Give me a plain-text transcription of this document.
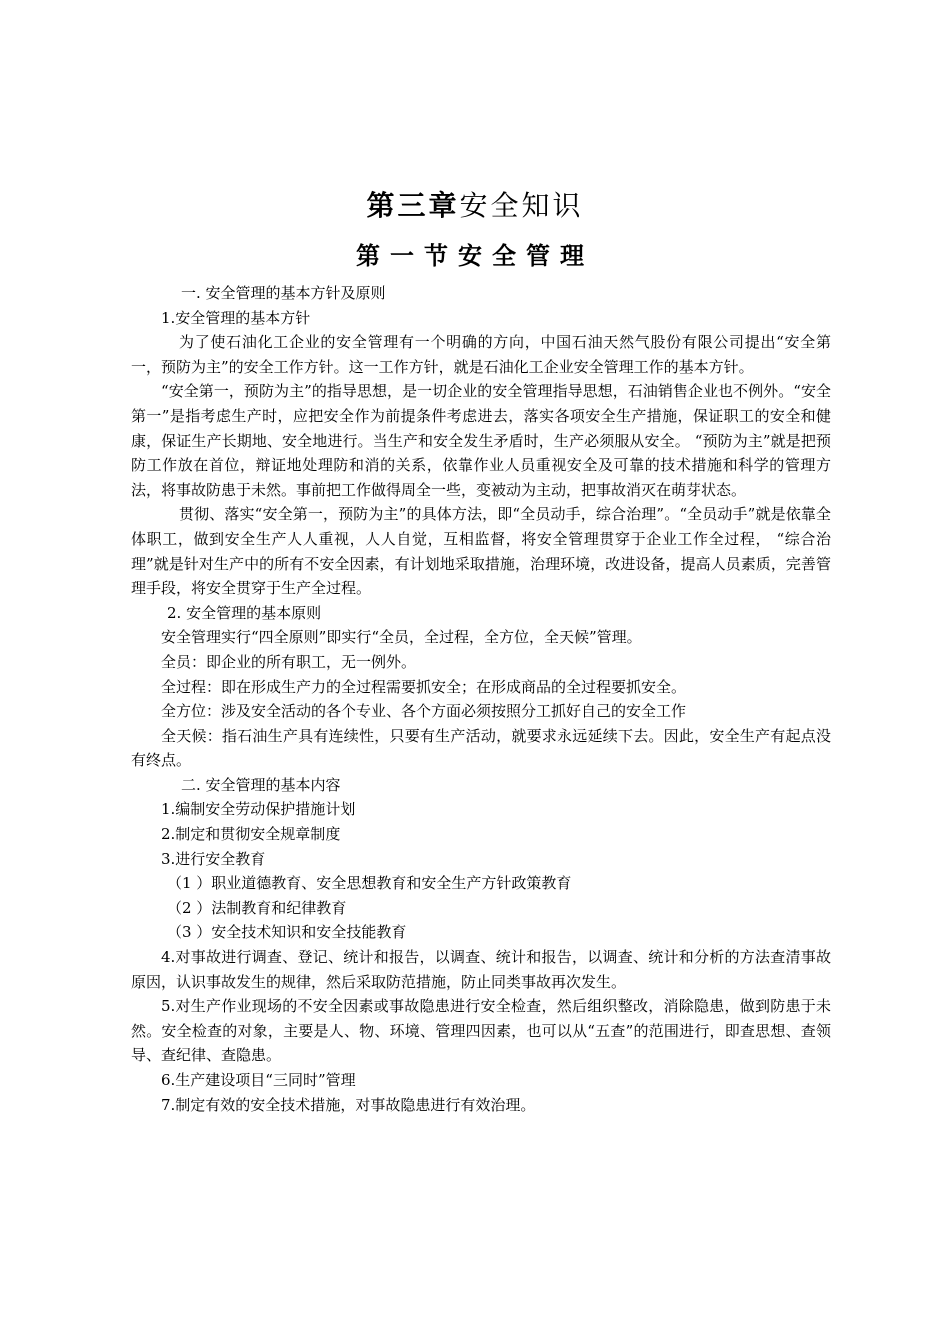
第三章安全知识
第一节安全管理

一. 安全管理的基本方针及原则

1.安全管理的基本方针

为了使石油化工企业的安全管理有一个明确的方向，中国石油天然气股份有限公司提出“安全第一，预防为主”的安全工作方针。这一工作方针，就是石油化工企业安全管理工作的基本方针。

“安全第一，预防为主”的指导思想，是一切企业的安全管理指导思想，石油销售企业也不例外。“安全第一”是指考虑生产时，应把安全作为前提条件考虑进去，落实各项安全生产措施，保证职工的安全和健康，保证生产长期地、安全地进行。当生产和安全发生矛盾时，生产必须服从安全。 “预防为主”就是把预防工作放在首位，辩证地处理防和消的关系，依靠作业人员重视安全及可靠的技术措施和科学的管理方法，将事故防患于未然。事前把工作做得周全一些，变被动为主动，把事故消灭在萌芽状态。

贯彻、落实“安全第一，预防为主”的具体方法，即“全员动手，综合治理”。“全员动手”就是依靠全体职工，做到安全生产人人重视，人人自觉，互相监督，将安全管理贯穿于企业工作全过程， “综合治理”就是针对生产中的所有不安全因素，有计划地采取措施，治理环境，改进设备，提高人员素质，完善管理手段，将安全贯穿于生产全过程。

2. 安全管理的基本原则

安全管理实行“四全原则”即实行“全员，全过程，全方位，全天候”管理。

全员：即企业的所有职工，无一例外。

全过程：即在形成生产力的全过程需要抓安全；在形成商品的全过程要抓安全。

全方位：涉及安全活动的各个专业、各个方面必须按照分工抓好自己的安全工作

全天候：指石油生产具有连续性，只要有生产活动，就要求永远延续下去。因此，安全生产有起点没有终点。

二. 安全管理的基本内容

1.编制安全劳动保护措施计划

2.制定和贯彻安全规章制度

3.进行安全教育

（1 ）职业道德教育、安全思想教育和安全生产方针政策教育

（2 ）法制教育和纪律教育

（3 ）安全技术知识和安全技能教育

4.对事故进行调查、登记、统计和报告，以调查、统计和报告，以调查、统计和分析的方法查清事故原因，认识事故发生的规律，然后采取防范措施，防止同类事故再次发生。

5.对生产作业现场的不安全因素或事故隐患进行安全检查，然后组织整改，消除隐患，做到防患于未然。安全检查的对象，主要是人、物、环境、管理四因素，也可以从“五查”的范围进行，即查思想、查领导、查纪律、查隐患。

6.生产建设项目“三同时”管理

7.制定有效的安全技术措施，对事故隐患进行有效治理。
